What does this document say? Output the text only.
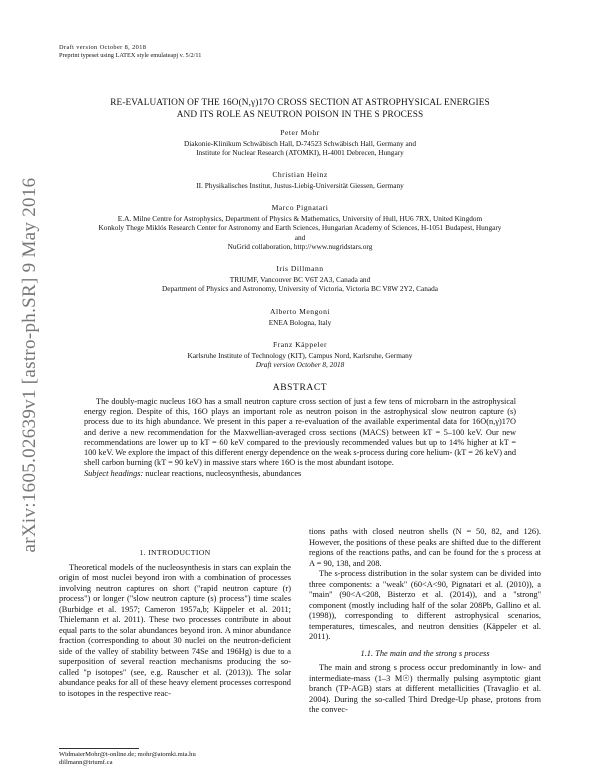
arXiv:1605.02639v1 [astro-ph.SR] 9 May 2016
Draft version October 8, 2018
Preprint typeset using LATEX style emulateapj v. 5/2/11
RE-EVALUATION OF THE 16O(N,γ)17O CROSS SECTION AT ASTROPHYSICAL ENERGIES
AND ITS ROLE AS NEUTRON POISON IN THE S PROCESS
Peter Mohr
Diakonie-Klinikum Schwäbisch Hall, D-74523 Schwäbisch Hall, Germany and
Institute for Nuclear Research (ATOMKI), H-4001 Debrecen, Hungary
Christian Heinz
II. Physikalisches Institut, Justus-Liebig-Universität Giessen, Germany
Marco Pignatari
E.A. Milne Centre for Astrophysics, Department of Physics & Mathematics, University of Hull, HU6 7RX, United Kingdom
Konkoly Thege Miklós Research Center for Astronomy and Earth Sciences, Hungarian Academy of Sciences, H-1051 Budapest, Hungary
and
NuGrid collaboration, http://www.nugridstars.org
Iris Dillmann
TRIUMF, Vancouver BC V6T 2A3, Canada and
Department of Physics and Astronomy, University of Victoria, Victoria BC V8W 2Y2, Canada
Alberto Mengoni
ENEA Bologna, Italy
Franz Käppeler
Karlsruhe Institute of Technology (KIT), Campus Nord, Karlsruhe, Germany
Draft version October 8, 2018
ABSTRACT

The doubly-magic nucleus 16O has a small neutron capture cross section of just a few tens of microbarn in the astrophysical energy region. Despite of this, 16O plays an important role as neutron poison in the astrophysical slow neutron capture (s) process due to its high abundance. We present in this paper a re-evaluation of the available experimental data for 16O(n,γ)17O and derive a new recommendation for the Maxwellian-averaged cross sections (MACS) between kT = 5–100 keV. Our new recommendations are lower up to kT = 60 keV compared to the previously recommended values but up to 14% higher at kT = 100 keV. We explore the impact of this different energy dependence on the weak s-process during core helium- (kT = 26 keV) and shell carbon burning (kT = 90 keV) in massive stars where 16O is the most abundant isotope.

Subject headings: nuclear reactions, nucleosynthesis, abundances

1. INTRODUCTION

Theoretical models of the nucleosynthesis in stars can explain the origin of most nuclei beyond iron with a combination of processes involving neutron captures on short ("rapid neutron capture (r) process") or longer ("slow neutron capture (s) process") time scales (Burbidge et al. 1957; Cameron 1957a,b; Käppeler et al. 2011; Thielemann et al. 2011). These two processes contribute in about equal parts to the solar abundances beyond iron. A minor abundance fraction (corresponding to about 30 nuclei on the neutron-deficient side of the valley of stability between 74Se and 196Hg) is due to a superposition of several reaction mechanisms producing the so-called "p isotopes" (see, e.g. Rauscher et al. (2013)). The solar abundance peaks for all of these heavy element processes correspond to isotopes in the respective reac-

tions paths with closed neutron shells (N = 50, 82, and 126). However, the positions of these peaks are shifted due to the different regions of the reactions paths, and can be found for the s process at A = 90, 138, and 208.

The s-process distribution in the solar system can be divided into three components: a "weak" (60<A<90, Pignatari et al. (2010)), a "main" (90<A<208, Bisterzo et al. (2014)), and a "strong" component (mostly including half of the solar 208Pb, Gallino et al. (1998)), corresponding to different astrophysical scenarios, temperatures, timescales, and neutron densities (Käppeler et al. 2011).

1.1. The main and the strong s process

The main and strong s process occur predominantly in low- and intermediate-mass (1–3 M☉) thermally pulsing asymptotic giant branch (TP-AGB) stars at different metallicities (Travaglio et al. 2004). During the so-called Third Dredge-Up phase, protons from the convec-

WidmaierMohr@t-online.de; mohr@atomki.mta.hu
dillmann@triumf.ca
